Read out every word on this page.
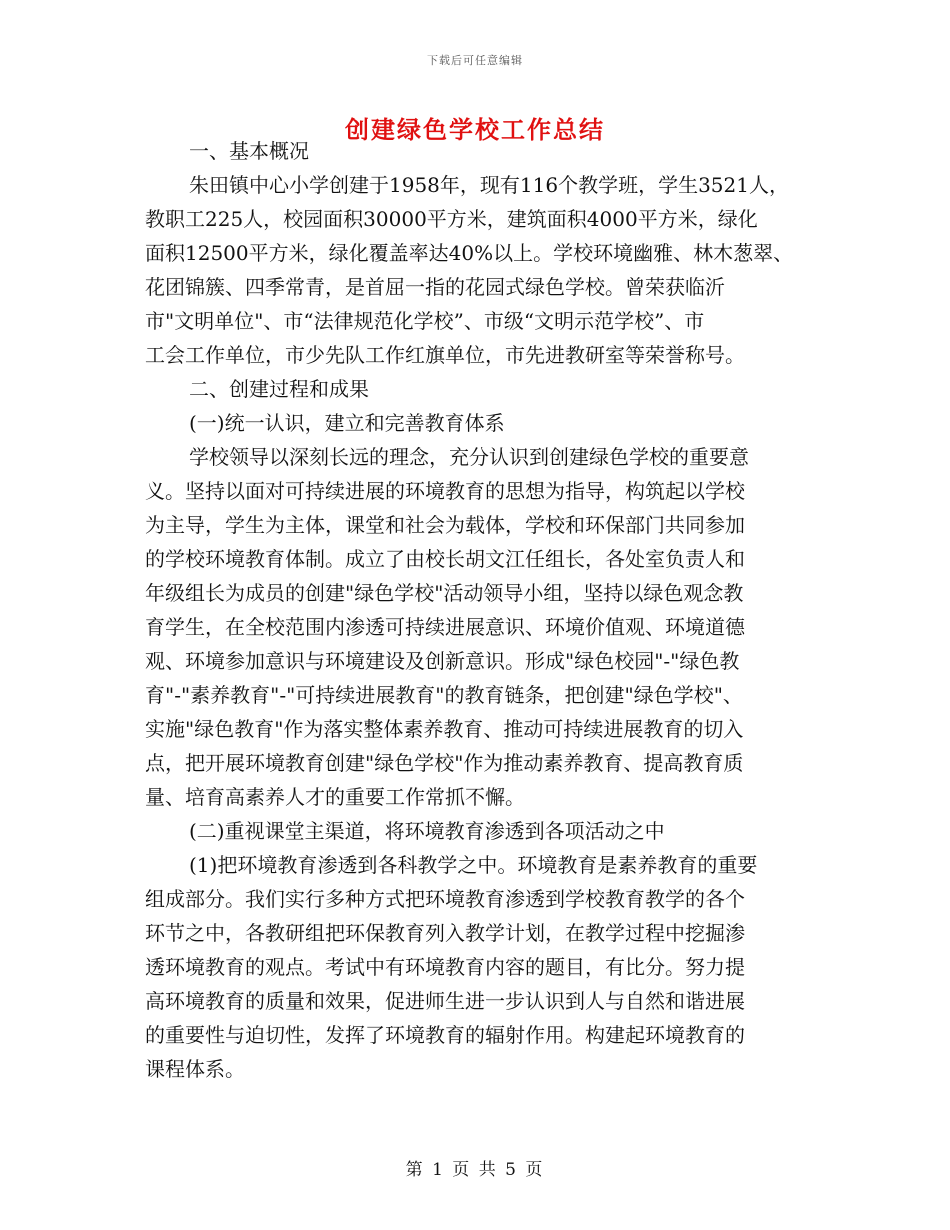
下载后可任意编辑
创建绿色学校工作总结
一、基本概况
朱田镇中心小学创建于1958年，现有116个教学班，学生3521人，
教职工225人，校园面积30000平方米，建筑面积4000平方米，绿化
面积12500平方米，绿化覆盖率达40%以上。学校环境幽雅、林木葱翠、
花团锦簇、四季常青，是首屈一指的花园式绿色学校。曾荣获临沂
市"文明单位"、市“法律规范化学校”、市级“文明示范学校”、市
工会工作单位，市少先队工作红旗单位，市先进教研室等荣誉称号。
二、创建过程和成果
(一)统一认识，建立和完善教育体系
学校领导以深刻长远的理念，充分认识到创建绿色学校的重要意
义。坚持以面对可持续进展的环境教育的思想为指导，构筑起以学校
为主导，学生为主体，课堂和社会为载体，学校和环保部门共同参加
的学校环境教育体制。成立了由校长胡文江任组长，各处室负责人和
年级组长为成员的创建"绿色学校"活动领导小组，坚持以绿色观念教
育学生，在全校范围内渗透可持续进展意识、环境价值观、环境道德
观、环境参加意识与环境建设及创新意识。形成"绿色校园"-"绿色教
育"-"素养教育"-"可持续进展教育"的教育链条，把创建"绿色学校"、
实施"绿色教育"作为落实整体素养教育、推动可持续进展教育的切入
点，把开展环境教育创建"绿色学校"作为推动素养教育、提高教育质
量、培育高素养人才的重要工作常抓不懈。
(二)重视课堂主渠道，将环境教育渗透到各项活动之中
(1)把环境教育渗透到各科教学之中。环境教育是素养教育的重要
组成部分。我们实行多种方式把环境教育渗透到学校教育教学的各个
环节之中，各教研组把环保教育列入教学计划，在教学过程中挖掘渗
透环境教育的观点。考试中有环境教育内容的题目，有比分。努力提
高环境教育的质量和效果，促进师生进一步认识到人与自然和谐进展
的重要性与迫切性，发挥了环境教育的辐射作用。构建起环境教育的
课程体系。
第 1 页 共 5 页
